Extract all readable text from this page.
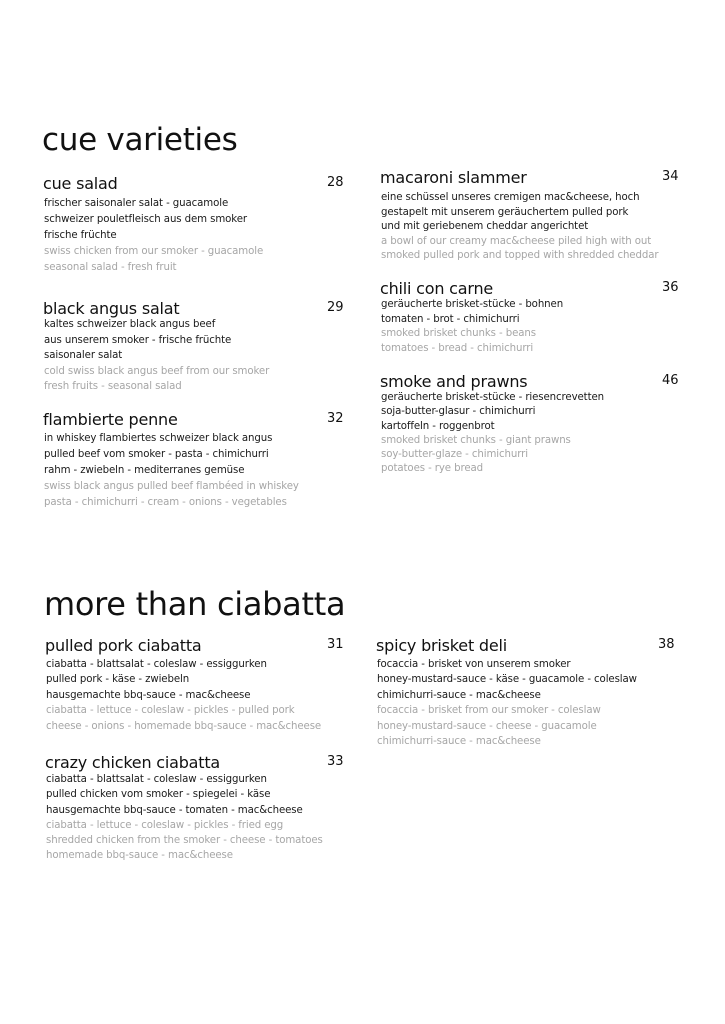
cue varieties
more than ciabatta
cue salad	28
frischer saisonaler salat - guacamole
schweizer pouletfleisch aus dem smoker
frische früchte
swiss chicken from our smoker - guacamole
seasonal salad - fresh fruit
black angus salat	29
kaltes schweizer black angus beef
aus unserem smoker - frische früchte
saisonaler salat
cold swiss black angus beef from our smoker
fresh fruits - seasonal salad
flambierte penne	32
in whiskey flambiertes schweizer black angus
pulled beef vom smoker - pasta - chimichurri
rahm - zwiebeln - mediterranes gemüse
swiss black angus pulled beef flambéed in whiskey
pasta - chimichurri - cream - onions - vegetables
macaroni slammer	34
eine schüssel unseres cremigen mac&cheese, hoch
gestapelt mit unserem geräuchertem pulled pork
und mit geriebenem cheddar angerichtet
a bowl of our creamy mac&cheese piled high with out
smoked pulled pork and topped with shredded cheddar
chili con carne	36
geräucherte brisket-stücke - bohnen
tomaten - brot - chimichurri
smoked brisket chunks - beans
tomatoes - bread - chimichurri
smoke and prawns	46
geräucherte brisket-stücke - riesencrevetten
soja-butter-glasur - chimichurri
kartoffeln - roggenbrot
smoked brisket chunks - giant prawns
soy-butter-glaze - chimichurri
potatoes - rye bread
pulled pork ciabatta	31
ciabatta - blattsalat - coleslaw - essiggurken
pulled pork - käse - zwiebeln
hausgemachte bbq-sauce - mac&cheese
ciabatta - lettuce - coleslaw - pickles - pulled pork
cheese - onions - homemade bbq-sauce - mac&cheese
crazy chicken ciabatta	33
ciabatta - blattsalat - coleslaw - essiggurken
pulled chicken vom smoker - spiegelei - käse
hausgemachte bbq-sauce - tomaten - mac&cheese
ciabatta - lettuce - coleslaw - pickles - fried egg
shredded chicken from the smoker - cheese - tomatoes
homemade bbq-sauce - mac&cheese
spicy brisket deli	38
focaccia - brisket von unserem smoker
honey-mustard-sauce - käse - guacamole - coleslaw
chimichurri-sauce - mac&cheese
focaccia - brisket from our smoker - coleslaw
honey-mustard-sauce - cheese - guacamole
chimichurri-sauce - mac&cheese
